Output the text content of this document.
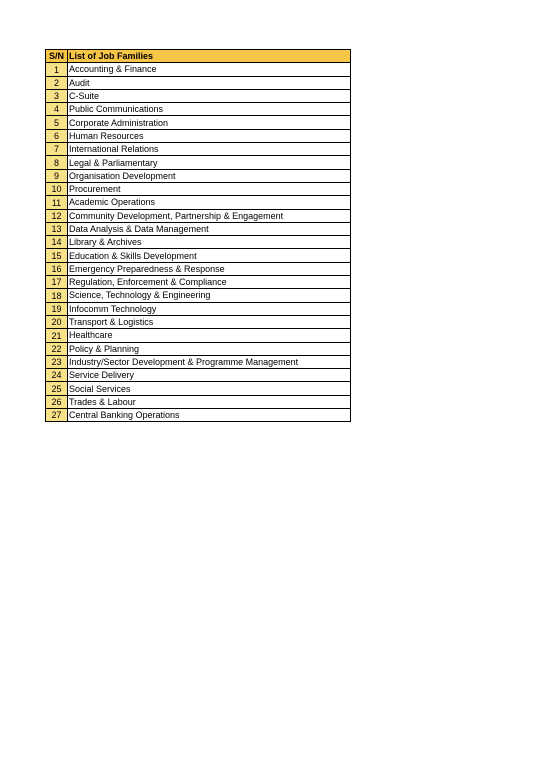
S/N	List of Job Families
1	Accounting & Finance
2	Audit
3	C-Suite
4	Public Communications
5	Corporate Administration
6	Human Resources
7	International Relations
8	Legal & Parliamentary
9	Organisation Development
10	Procurement
11	Academic Operations
12	Community Development, Partnership & Engagement
13	Data Analysis & Data Management
14	Library & Archives
15	Education & Skills Development
16	Emergency Preparedness & Response
17	Regulation, Enforcement & Compliance
18	Science, Technology & Engineering
19	Infocomm Technology
20	Transport & Logistics
21	Healthcare
22	Policy & Planning
23	Industry/Sector Development & Programme Management
24	Service Delivery
25	Social Services
26	Trades & Labour
27	Central Banking Operations
